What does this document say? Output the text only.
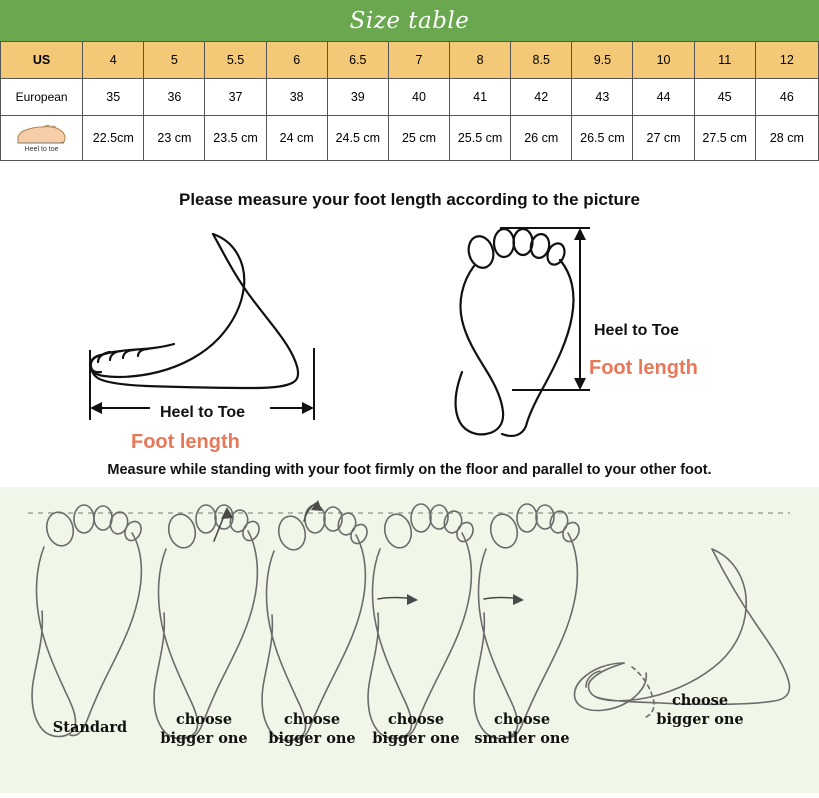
Size table
US	4	5	5.5	6	6.5	7	8	8.5	9.5	10	11	12
European	35	36	37	38	39	40	41	42	43	44	45	46

Heel to toe	22.5cm	23 cm	23.5 cm	24 cm	24.5 cm	25 cm	25.5 cm	26 cm	26.5 cm	27 cm	27.5 cm	28 cm
Please measure your foot length according to the picture
Heel to Toe
Foot length
Heel to Toe
Foot length
Measure while standing with your foot firmly on the floor and parallel to your other foot.
Standard	choose
bigger one
choose
bigger one
choose
bigger one
choose
smaller one
choose
bigger one
